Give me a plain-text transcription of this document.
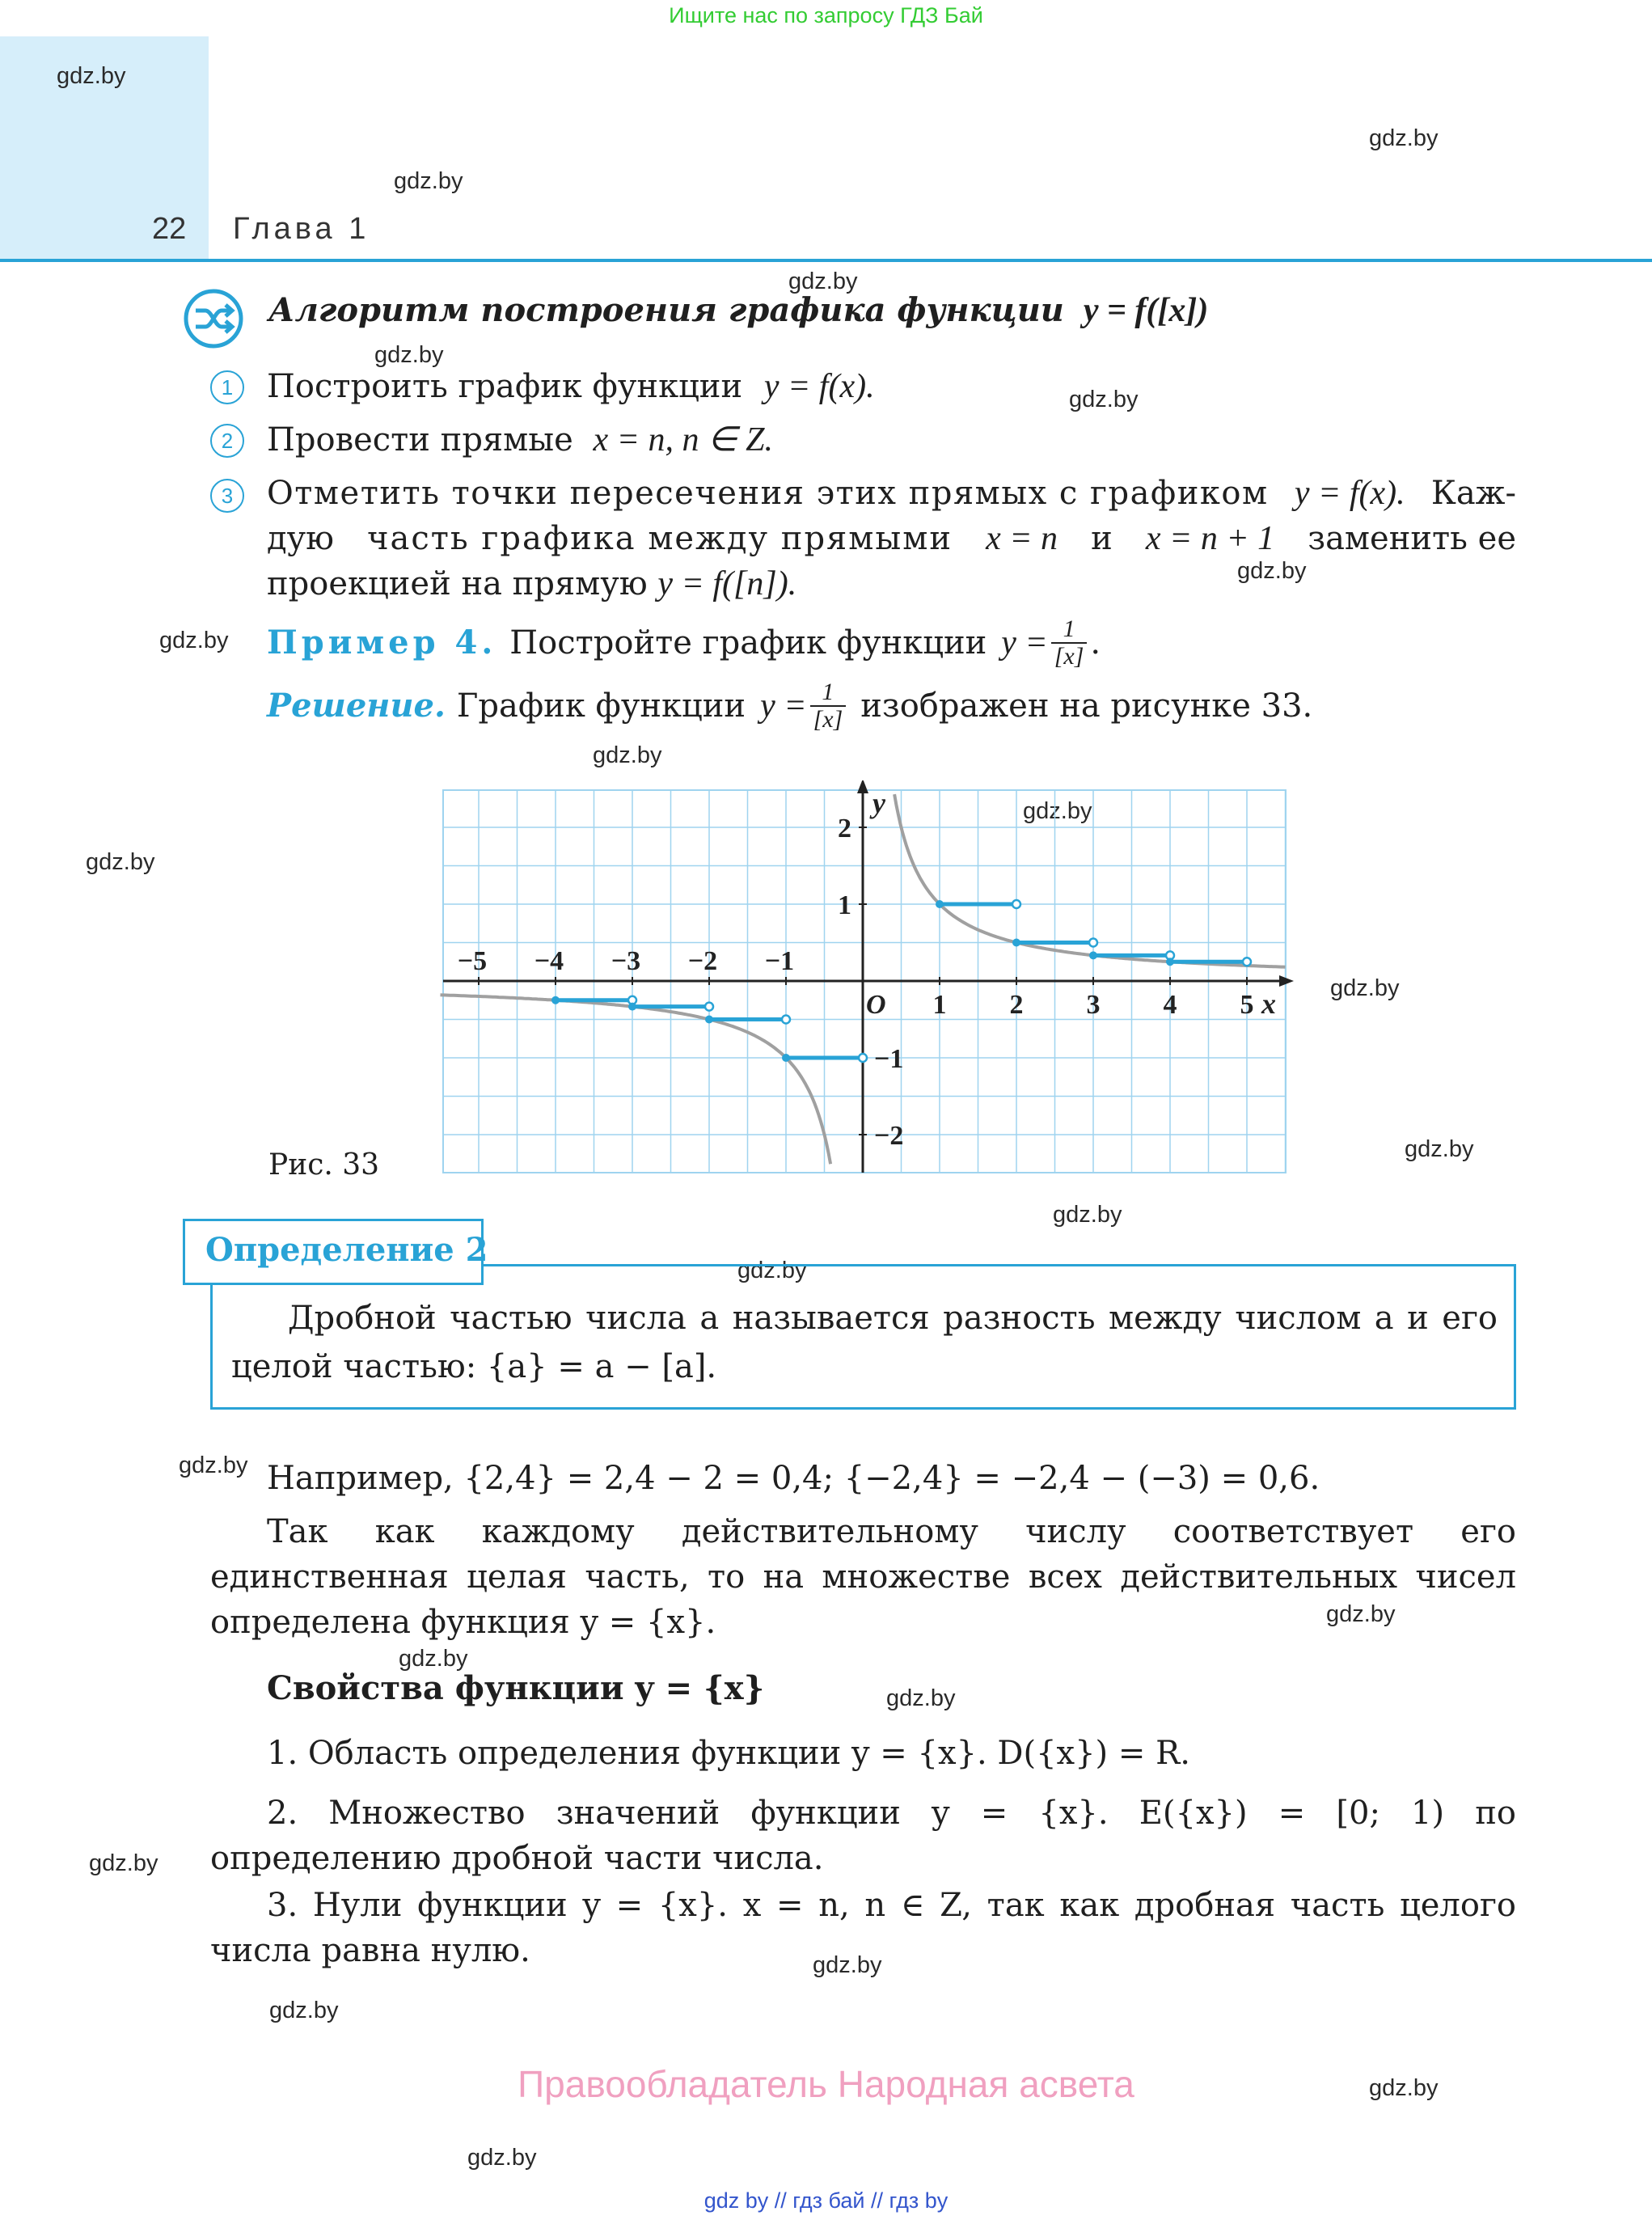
Ищите нас по запросу ГДЗ Бай
22 Глава 1
gdz.by
gdz.by
gdz.by
gdz.by
gdz.by
gdz.by
gdz.by
gdz.by
gdz.by
gdz.by
gdz.by
gdz.by
gdz.by
gdz.by
gdz.by
gdz.by
gdz.by
gdz.by
gdz.by
gdz.by
gdz.by
gdz.by
gdz.by
gdz.by
Алгоритм построения графика функции y = f([x])
1	Построить график функции y = f(x).
2	Провести прямые x = n, n ∈ Z.
3	Отметить точки пересечения этих прямых с графиком y = f(x). Каж-
дую часть графика между прямыми x = n и x = n + 1 заменить ее
проекцией на прямую y = f([n]).
Пример 4. Постройте график функции $y = \frac{1}{[x]}$ .
Решение. График функции $y = \frac{1}{[x]}$ изображен на рисунке 33.
−5 −4 −3 −2 −1
1 2 3 4 5
2
1
−1
−2
x
y
O
Рис. 33
Определение 2
Дробной частью числа a называется разность между числом a и его целой частью: {a} = a − [a].
Например, {2,4} = 2,4 − 2 = 0,4; {−2,4} = −2,4 − (−3) = 0,6.
Так как каждому действительному числу соответствует его единственная целая часть, то на множестве всех действительных чисел определена функция y = {x}.
Свойства функции y = {x}
1. Область определения функции y = {x}. D({x}) = R.
2. Множество значений функции y = {x}. E({x}) = [0; 1) по определению дробной части числа.
3. Нули функции y = {x}. x = n, n ∈ Z, так как дробная часть целого числа равна нулю.
Правообладатель Народная асвета
gdz by // гдз бай // гдз by
